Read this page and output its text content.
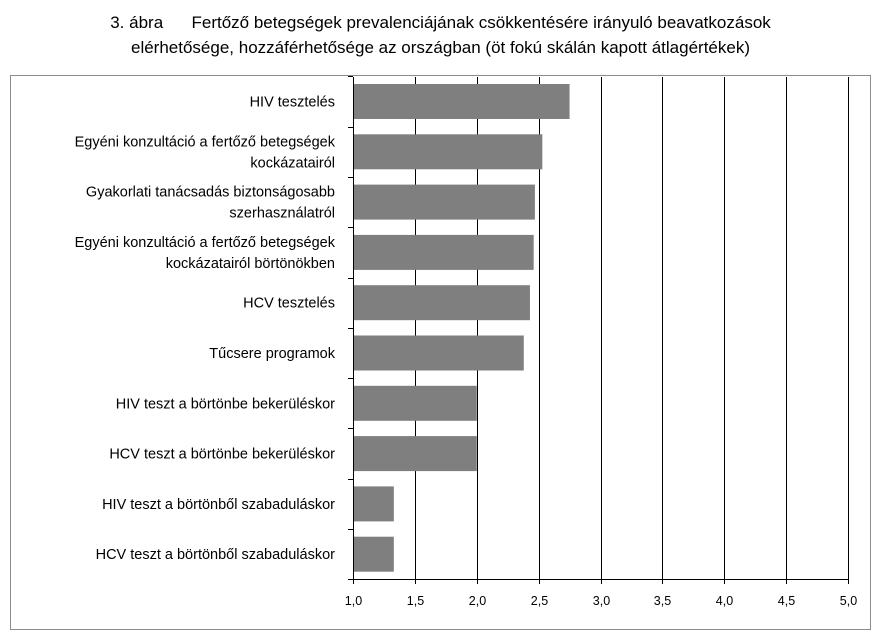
3. ábra      Fertőző betegségek prevalenciájának csökkentésére irányuló beavatkozások
elérhetősége, hozzáférhetősége az országban (öt fokú skálán kapott átlagértékek)
1,0	1,5	2,0	2,5	3,0	3,5	4,0	4,5	5,0
HIV tesztelés
Egyéni konzultáció a fertőző betegségek
kockázatairól
Gyakorlati tanácsadás biztonságosabb
szerhasználatról
Egyéni konzultáció a fertőző betegségek
kockázatairól börtönökben
HCV tesztelés
Tűcsere programok
HIV teszt a börtönbe bekerüléskor
HCV teszt a börtönbe bekerüléskor
HIV teszt a börtönből szabaduláskor
HCV teszt a börtönből szabaduláskor
